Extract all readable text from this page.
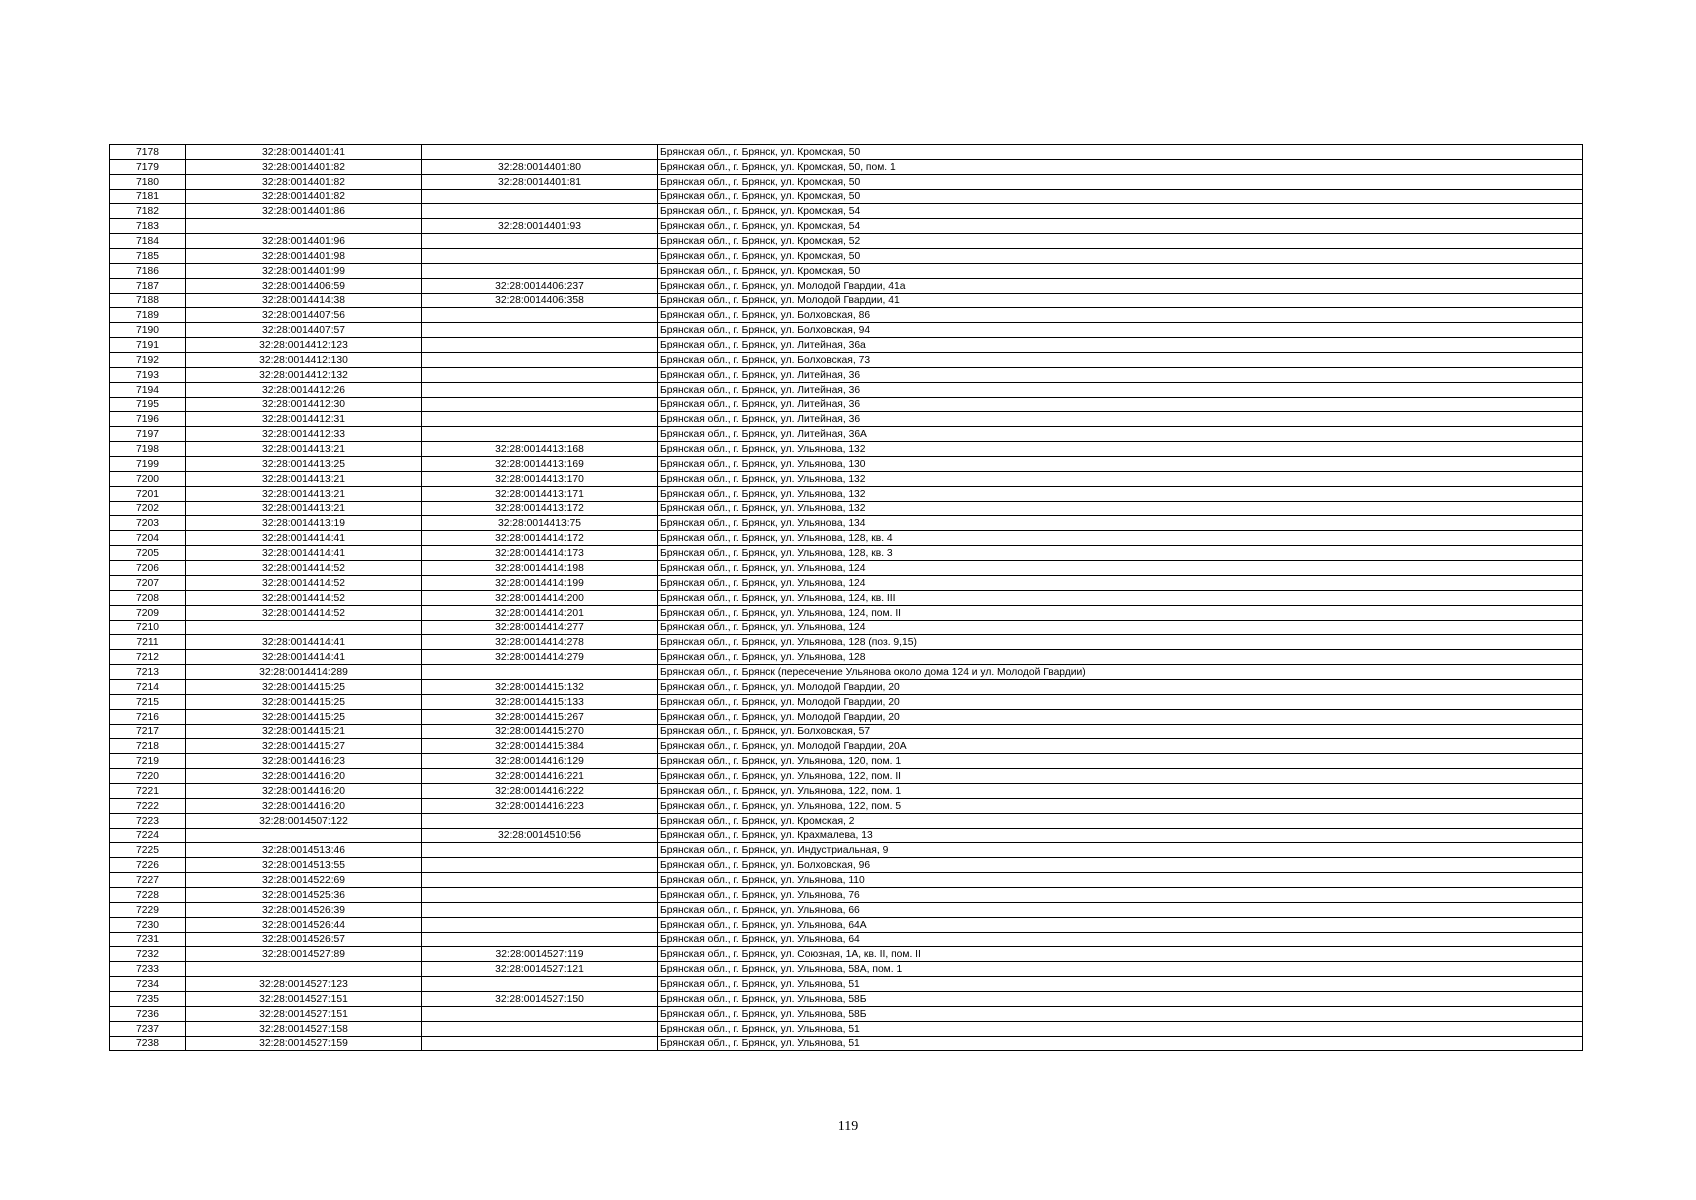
7178	32:28:0014401:41		Брянская обл., г. Брянск, ул. Кромская, 50
7179	32:28:0014401:82	32:28:0014401:80	Брянская обл., г. Брянск, ул. Кромская, 50, пом. 1
7180	32:28:0014401:82	32:28:0014401:81	Брянская обл., г. Брянск, ул. Кромская, 50
7181	32:28:0014401:82		Брянская обл., г. Брянск, ул. Кромская, 50
7182	32:28:0014401:86		Брянская обл., г. Брянск, ул. Кромская, 54
7183		32:28:0014401:93	Брянская обл., г. Брянск, ул. Кромская, 54
7184	32:28:0014401:96		Брянская обл., г. Брянск, ул. Кромская, 52
7185	32:28:0014401:98		Брянская обл., г. Брянск, ул. Кромская, 50
7186	32:28:0014401:99		Брянская обл., г. Брянск, ул. Кромская, 50
7187	32:28:0014406:59	32:28:0014406:237	Брянская обл., г. Брянск, ул. Молодой Гвардии, 41а
7188	32:28:0014414:38	32:28:0014406:358	Брянская обл., г. Брянск, ул. Молодой Гвардии, 41
7189	32:28:0014407:56		Брянская обл., г. Брянск, ул. Болховская, 86
7190	32:28:0014407:57		Брянская обл., г. Брянск, ул. Болховская, 94
7191	32:28:0014412:123		Брянская обл., г. Брянск, ул. Литейная, 36а
7192	32:28:0014412:130		Брянская обл., г. Брянск, ул. Болховская, 73
7193	32:28:0014412:132		Брянская обл., г. Брянск, ул. Литейная, 36
7194	32:28:0014412:26		Брянская обл., г. Брянск, ул. Литейная, 36
7195	32:28:0014412:30		Брянская обл., г. Брянск, ул. Литейная, 36
7196	32:28:0014412:31		Брянская обл., г. Брянск, ул. Литейная, 36
7197	32:28:0014412:33		Брянская обл., г. Брянск, ул. Литейная, 36А
7198	32:28:0014413:21	32:28:0014413:168	Брянская обл., г. Брянск, ул. Ульянова, 132
7199	32:28:0014413:25	32:28:0014413:169	Брянская обл., г. Брянск, ул. Ульянова, 130
7200	32:28:0014413:21	32:28:0014413:170	Брянская обл., г. Брянск, ул. Ульянова, 132
7201	32:28:0014413:21	32:28:0014413:171	Брянская обл., г. Брянск, ул. Ульянова, 132
7202	32:28:0014413:21	32:28:0014413:172	Брянская обл., г. Брянск, ул. Ульянова, 132
7203	32:28:0014413:19	32:28:0014413:75	Брянская обл., г. Брянск, ул. Ульянова, 134
7204	32:28:0014414:41	32:28:0014414:172	Брянская обл., г. Брянск, ул. Ульянова, 128, кв. 4
7205	32:28:0014414:41	32:28:0014414:173	Брянская обл., г. Брянск, ул. Ульянова, 128, кв. 3
7206	32:28:0014414:52	32:28:0014414:198	Брянская обл., г. Брянск, ул. Ульянова, 124
7207	32:28:0014414:52	32:28:0014414:199	Брянская обл., г. Брянск, ул. Ульянова, 124
7208	32:28:0014414:52	32:28:0014414:200	Брянская обл., г. Брянск, ул. Ульянова, 124, кв. III
7209	32:28:0014414:52	32:28:0014414:201	Брянская обл., г. Брянск, ул. Ульянова, 124, пом. II
7210		32:28:0014414:277	Брянская обл., г. Брянск, ул. Ульянова, 124
7211	32:28:0014414:41	32:28:0014414:278	Брянская обл., г. Брянск, ул. Ульянова, 128 (поз. 9,15)
7212	32:28:0014414:41	32:28:0014414:279	Брянская обл., г. Брянск, ул. Ульянова, 128
7213	32:28:0014414:289		Брянская обл., г. Брянск (пересечение Ульянова около дома 124 и ул. Молодой Гвардии)
7214	32:28:0014415:25	32:28:0014415:132	Брянская обл., г. Брянск, ул. Молодой Гвардии, 20
7215	32:28:0014415:25	32:28:0014415:133	Брянская обл., г. Брянск, ул. Молодой Гвардии, 20
7216	32:28:0014415:25	32:28:0014415:267	Брянская обл., г. Брянск, ул. Молодой Гвардии, 20
7217	32:28:0014415:21	32:28:0014415:270	Брянская обл., г. Брянск, ул. Болховская, 57
7218	32:28:0014415:27	32:28:0014415:384	Брянская обл., г. Брянск, ул. Молодой Гвардии, 20А
7219	32:28:0014416:23	32:28:0014416:129	Брянская обл., г. Брянск, ул. Ульянова, 120, пом. 1
7220	32:28:0014416:20	32:28:0014416:221	Брянская обл., г. Брянск, ул. Ульянова, 122, пом. II
7221	32:28:0014416:20	32:28:0014416:222	Брянская обл., г. Брянск, ул. Ульянова, 122, пом. 1
7222	32:28:0014416:20	32:28:0014416:223	Брянская обл., г. Брянск, ул. Ульянова, 122, пом. 5
7223	32:28:0014507:122		Брянская обл., г. Брянск, ул. Кромская, 2
7224		32:28:0014510:56	Брянская обл., г. Брянск, ул. Крахмалева, 13
7225	32:28:0014513:46		Брянская обл., г. Брянск, ул. Индустриальная, 9
7226	32:28:0014513:55		Брянская обл., г. Брянск, ул. Болховская, 96
7227	32:28:0014522:69		Брянская обл., г. Брянск, ул. Ульянова, 110
7228	32:28:0014525:36		Брянская обл., г. Брянск, ул. Ульянова, 76
7229	32:28:0014526:39		Брянская обл., г. Брянск, ул. Ульянова, 66
7230	32:28:0014526:44		Брянская обл., г. Брянск, ул. Ульянова, 64А
7231	32:28:0014526:57		Брянская обл., г. Брянск, ул. Ульянова, 64
7232	32:28:0014527:89	32:28:0014527:119	Брянская обл., г. Брянск, ул. Союзная, 1А, кв. II, пом. II
7233		32:28:0014527:121	Брянская обл., г. Брянск, ул. Ульянова, 58А, пом. 1
7234	32:28:0014527:123		Брянская обл., г. Брянск, ул. Ульянова, 51
7235	32:28:0014527:151	32:28:0014527:150	Брянская обл., г. Брянск, ул. Ульянова, 58Б
7236	32:28:0014527:151		Брянская обл., г. Брянск, ул. Ульянова, 58Б
7237	32:28:0014527:158		Брянская обл., г. Брянск, ул. Ульянова, 51
7238	32:28:0014527:159		Брянская обл., г. Брянск, ул. Ульянова, 51
119
